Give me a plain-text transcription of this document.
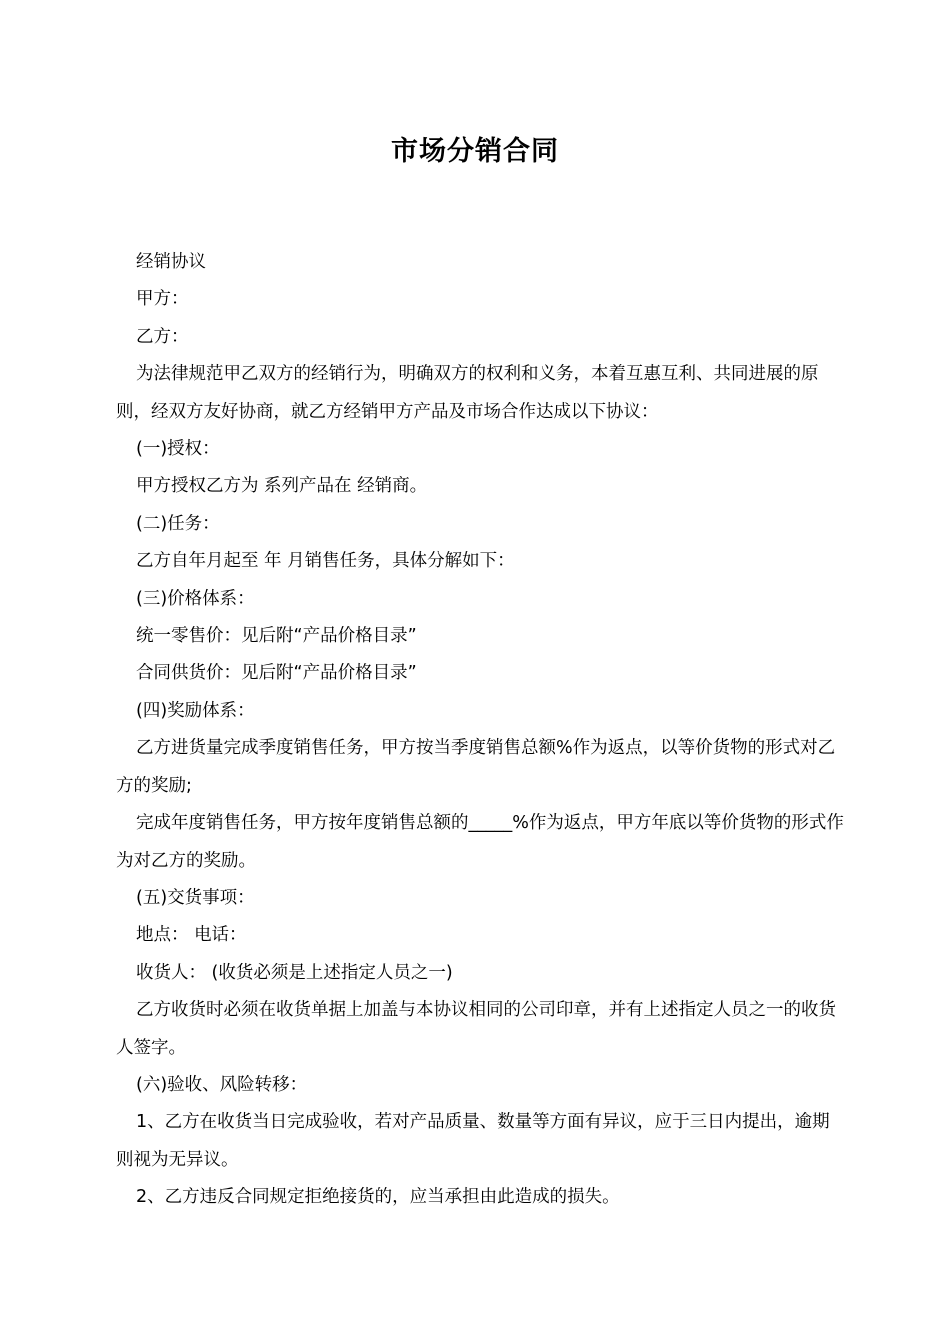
市场分销合同

经销协议

甲方：

乙方：

为法律规范甲乙双方的经销行为，明确双方的权利和义务，本着互惠互利、共同进展的原则，经双方友好协商，就乙方经销甲方产品及市场合作达成以下协议：

(一)授权：

甲方授权乙方为 系列产品在 经销商。

(二)任务：

乙方自年月起至 年 月销售任务，具体分解如下：

(三)价格体系：

统一零售价：见后附“产品价格目录”

合同供货价：见后附“产品价格目录”

(四)奖励体系：

乙方进货量完成季度销售任务，甲方按当季度销售总额%作为返点，以等价货物的形式对乙方的奖励;

完成年度销售任务，甲方按年度销售总额的_____%作为返点，甲方年底以等价货物的形式作为对乙方的奖励。

(五)交货事项：

地点： 电话：

收货人： (收货必须是上述指定人员之一)

乙方收货时必须在收货单据上加盖与本协议相同的公司印章，并有上述指定人员之一的收货人签字。

(六)验收、风险转移：

1、乙方在收货当日完成验收，若对产品质量、数量等方面有异议，应于三日内提出，逾期则视为无异议。

2、乙方违反合同规定拒绝接货的，应当承担由此造成的损失。
